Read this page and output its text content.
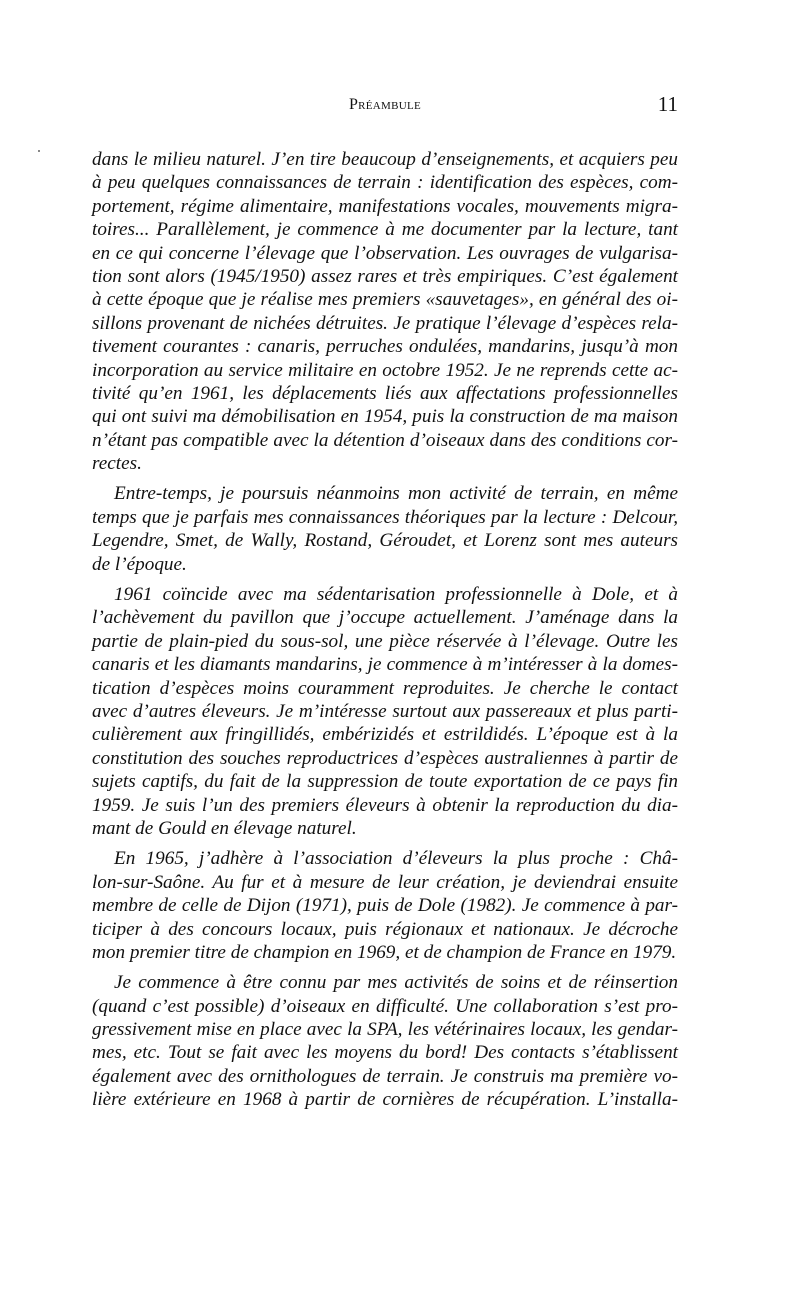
Préambule	11
dans le milieu naturel. J’en tire beaucoup d’enseignements, et acquiers peu
à peu quelques connaissances de terrain : identification des espèces, com-
portement, régime alimentaire, manifestations vocales, mouvements migra-
toires... Parallèlement, je commence à me documenter par la lecture, tant
en ce qui concerne l’élevage que l’observation. Les ouvrages de vulgarisa-
tion sont alors (1945/1950) assez rares et très empiriques. C’est également
à cette époque que je réalise mes premiers «sauvetages», en général des oi-
sillons provenant de nichées détruites. Je pratique l’élevage d’espèces rela-
tivement courantes : canaris, perruches ondulées, mandarins, jusqu’à mon
incorporation au service militaire en octobre 1952. Je ne reprends cette ac-
tivité qu’en 1961, les déplacements liés aux affectations professionnelles
qui ont suivi ma démobilisation en 1954, puis la construction de ma maison
n’étant pas compatible avec la détention d’oiseaux dans des conditions cor-
rectes.
Entre-temps, je poursuis néanmoins mon activité de terrain, en même
temps que je parfais mes connaissances théoriques par la lecture : Delcour,
Legendre, Smet, de Wally, Rostand, Géroudet, et Lorenz sont mes auteurs
de l’époque.
1961 coïncide avec ma sédentarisation professionnelle à Dole, et à
l’achèvement du pavillon que j’occupe actuellement. J’aménage dans la
partie de plain-pied du sous-sol, une pièce réservée à l’élevage. Outre les
canaris et les diamants mandarins, je commence à m’intéresser à la domes-
tication d’espèces moins couramment reproduites. Je cherche le contact
avec d’autres éleveurs. Je m’intéresse surtout aux passereaux et plus parti-
culièrement aux fringillidés, embérizidés et estrildidés. L’époque est à la
constitution des souches reproductrices d’espèces australiennes à partir de
sujets captifs, du fait de la suppression de toute exportation de ce pays fin
1959. Je suis l’un des premiers éleveurs à obtenir la reproduction du dia-
mant de Gould en élevage naturel.
En 1965, j’adhère à l’association d’éleveurs la plus proche : Châ-
lon-sur-Saône. Au fur et à mesure de leur création, je deviendrai ensuite
membre de celle de Dijon (1971), puis de Dole (1982). Je commence à par-
ticiper à des concours locaux, puis régionaux et nationaux. Je décroche
mon premier titre de champion en 1969, et de champion de France en 1979.
Je commence à être connu par mes activités de soins et de réinsertion
(quand c’est possible) d’oiseaux en difficulté. Une collaboration s’est pro-
gressivement mise en place avec la SPA, les vétérinaires locaux, les gendar-
mes, etc. Tout se fait avec les moyens du bord! Des contacts s’établissent
également avec des ornithologues de terrain. Je construis ma première vo-
lière extérieure en 1968 à partir de cornières de récupération. L’installa-
